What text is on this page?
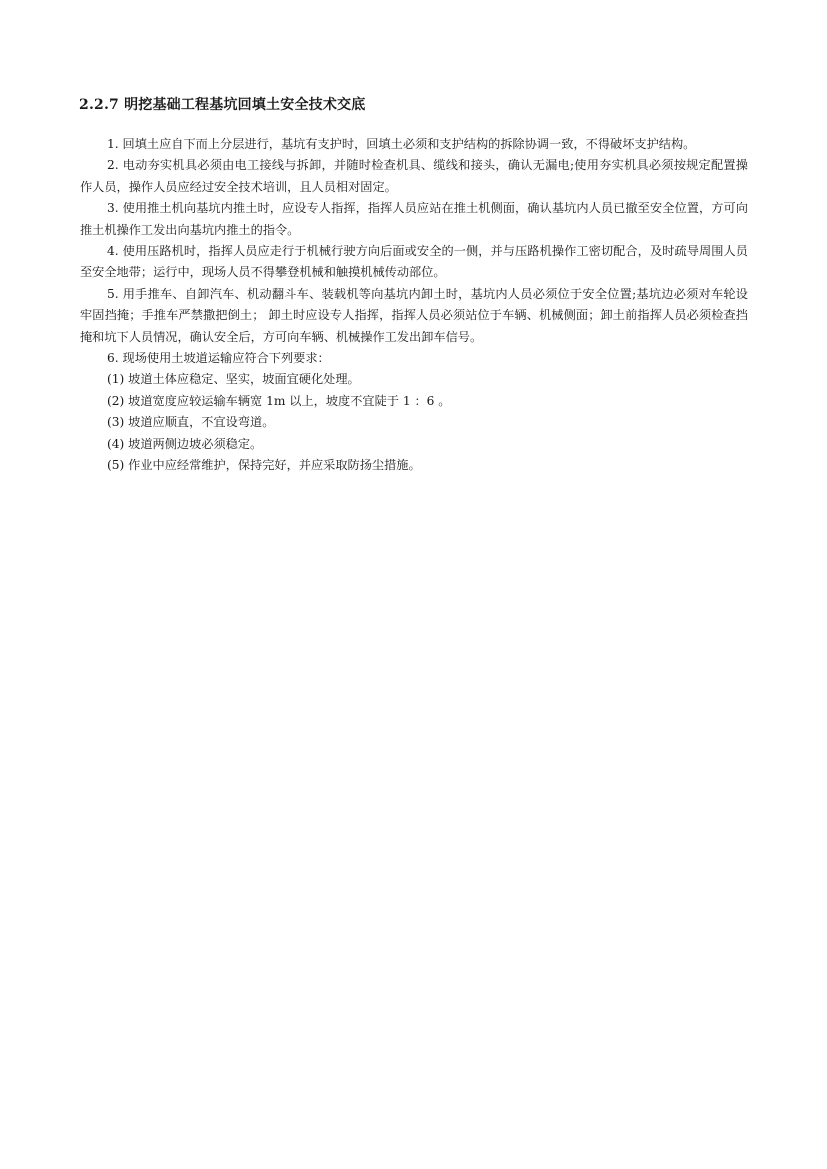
2.2.7 明挖基础工程基坑回填土安全技术交底

1. 回填土应自下而上分层进行，基坑有支护时，回填土必须和支护结构的拆除协调一致，不得破坏支护结构。

2. 电动夯实机具必须由电工接线与拆卸，并随时检查机具、缆线和接头，确认无漏电;使用夯实机具必须按规定配置操作人员，操作人员应经过安全技术培训，且人员相对固定。

3. 使用推土机向基坑内推土时，应设专人指挥，指挥人员应站在推土机侧面，确认基坑内人员已撤至安全位置，方可向推土机操作工发出向基坑内推土的指令。

4. 使用压路机时，指挥人员应走行于机械行驶方向后面或安全的一侧，并与压路机操作工密切配合，及时疏导周围人员至安全地带；运行中，现场人员不得攀登机械和触摸机械传动部位。

5. 用手推车、自卸汽车、机动翻斗车、装载机等向基坑内卸土时，基坑内人员必须位于安全位置;基坑边必须对车轮设牢固挡掩；手推车严禁撒把倒土； 卸土时应设专人指挥，指挥人员必须站位于车辆、机械侧面；卸土前指挥人员必须检查挡掩和坑下人员情况，确认安全后，方可向车辆、机械操作工发出卸车信号。

6. 现场使用土坡道运输应符合下列要求：

(1) 坡道土体应稳定、坚实，坡面宜硬化处理。

(2) 坡道宽度应较运输车辆宽 1m 以上，坡度不宜陡于 1 ：6 。

(3) 坡道应顺直，不宜设弯道。

(4) 坡道两侧边坡必须稳定。

(5) 作业中应经常维护，保持完好，并应采取防扬尘措施。
